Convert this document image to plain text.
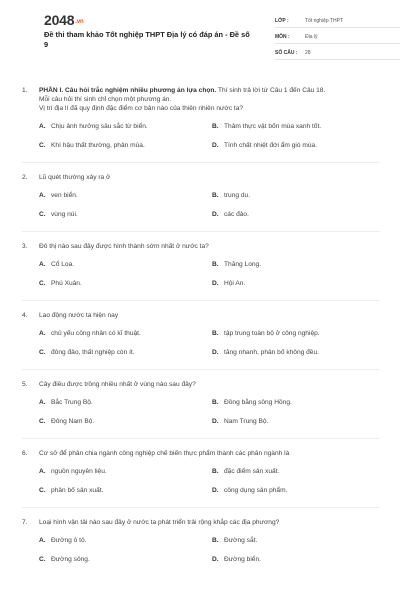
2048.vn
Đề thi tham khảo Tốt nghiệp THPT Địa lý có đáp án - Đề số 9
LỚP :	Tốt nghiệp THPT
MÔN :	Địa lý
SỐ CÂU :	28
1.	PHẦN I. Câu hỏi trắc nghiệm nhiều phương án lựa chọn. Thí sinh trả lời từ Câu 1 đến Câu 18.
Mỗi câu hỏi thí sinh chỉ chọn một phương án.
Vị trí địa lí đã quy định đặc điểm cơ bản nào của thiên nhiên nước ta?
A. Chịu ảnh hưởng sâu sắc từ biển.	B. Thảm thực vật bốn mùa xanh tốt.
C. Khí hậu thất thường, phân mùa.	D. Tính chất nhiệt đới ẩm gió mùa.
2.	Lũ quét thường xảy ra ở
A. ven biển.	B. trung du.
C. vùng núi.	D. các đảo.
3.	Đô thị nào sau đây được hình thành sớm nhất ở nước ta?
A. Cổ Loa.	B. Thăng Long.
C. Phú Xuân.	D. Hội An.
4.	Lao động nước ta hiện nay
A. chủ yếu công nhân có kĩ thuật.	B. tập trung toàn bộ ở công nghiệp.
C. đông đảo, thất nghiệp còn ít.	D. tăng nhanh, phân bố không đều.
5.	Cây điều được trồng nhiều nhất ở vùng nào sau đây?
A. Bắc Trung Bộ.	B. Đồng bằng sông Hồng.
C. Đông Nam Bộ.	D. Nam Trung Bộ.
6.	Cơ sở để phân chia ngành công nghiệp chế biến thực phẩm thành các phân ngành là
A. nguồn nguyên liệu.	B. đặc điểm sản xuất.
C. phân bố sản xuất.	D. công dụng sản phẩm.
7.	Loại hình vận tải nào sau đây ở nước ta phát triển trải rộng khắp các địa phương?
A. Đường ô tô.	B. Đường sắt.
C. Đường sông.	D. Đường biển.
